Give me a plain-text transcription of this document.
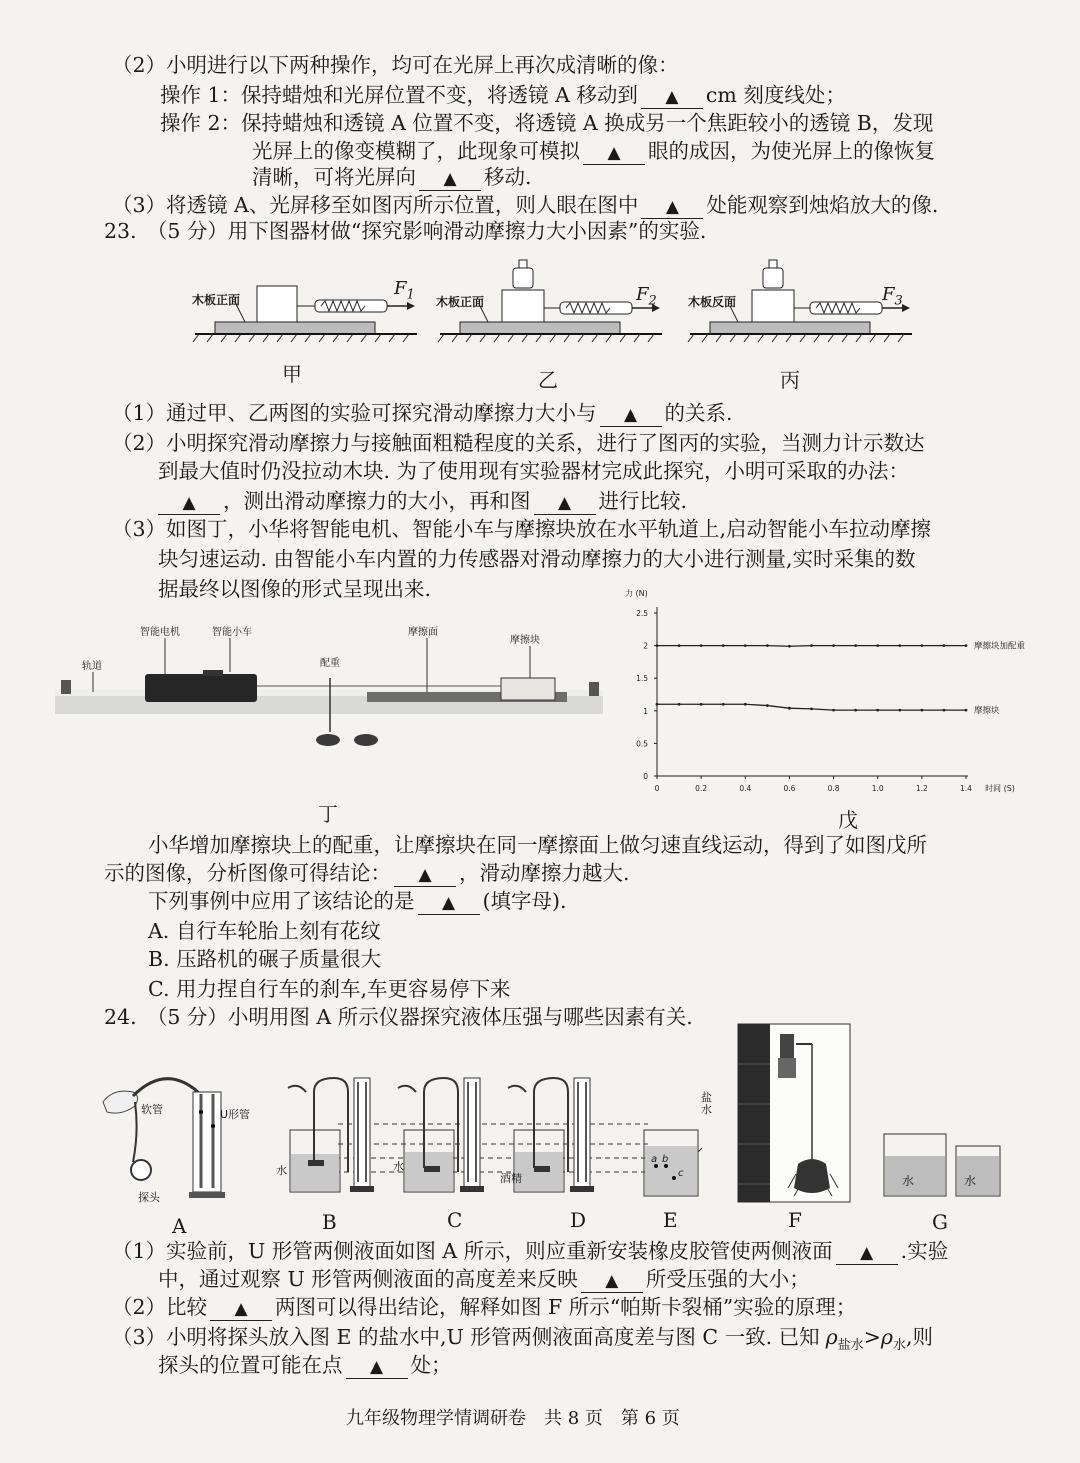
（2）小明进行以下两种操作，均可在光屏上再次成清晰的像：
操作 1：保持蜡烛和光屏位置不变，将透镜 A 移动到 ▲ cm 刻度线处；
操作 2：保持蜡烛和透镜 A 位置不变，将透镜 A 换成另一个焦距较小的透镜 B，发现
光屏上的像变模糊了，此现象可模拟 ▲ 眼的成因，为使光屏上的像恢复
清晰，可将光屏向 ▲ 移动.
（3）将透镜 A、光屏移至如图丙所示位置，则人眼在图中 ▲ 处能观察到烛焰放大的像.
23.　（5 分）用下图器材做“探究影响滑动摩擦力大小因素”的实验.
木板正面
$F_1$
甲
木板正面	$F_2$
乙
木板反面	$F_3$
丙
（1）通过甲、乙两图的实验可探究滑动摩擦力大小与 ▲ 的关系.
（2）小明探究滑动摩擦力与接触面粗糙程度的关系，进行了图丙的实验，当测力计示数达
到最大值时仍没拉动木块. 为了使用现有实验器材完成此探究，小明可采取的办法：
▲ ，测出滑动摩擦力的大小，再和图 ▲ 进行比较.
（3）如图丁，小华将智能电机、智能小车与摩擦块放在水平轨道上,启动智能小车拉动摩擦
块匀速运动. 由智能小车内置的力传感器对滑动摩擦力的大小进行测量,实时采集的数
据最终以图像的形式呈现出来.
轨道
智能电机	智能小车
配重
摩擦面
摩擦块
丁
0
0.5
1
1.5
2
2.5
0	0.2	0.4	0.6	0.8	1.0	1.2	1.4
力 (N)
时间 (S)
摩擦块加配重
摩擦块
戊
小华增加摩擦块上的配重，让摩擦块在同一摩擦面上做匀速直线运动，得到了如图戊所
示的图像，分析图像可得结论： ▲ ，滑动摩擦力越大.
下列事例中应用了该结论的是 ▲ (填字母).
A. 自行车轮胎上刻有花纹
B. 压路机的碾子质量很大
C. 用力捏自行车的刹车,车更容易停下来
24.　（5 分）小明用图 A 所示仪器探究液体压强与哪些因素有关.
软管	U形管
探头
水	水
酒精
盐水
a b
c
水	水
A	B	C	D	E	F	G
（1）实验前，U 形管两侧液面如图 A 所示，则应重新安装橡皮胶管使两侧液面 ▲ .实验
中，通过观察 U 形管两侧液面的高度差来反映 ▲ 所受压强的大小；
（2）比较 ▲ 两图可以得出结论，解释如图 F 所示“帕斯卡裂桶”实验的原理；
（3）小明将探头放入图 E 的盐水中,U 形管两侧液面高度差与图 C 一致. 已知 $\rho_{盐水}>\rho_水$,则
探头的位置可能在点 ▲ 处；
九年级物理学情调研卷　共 8 页　第 6 页
